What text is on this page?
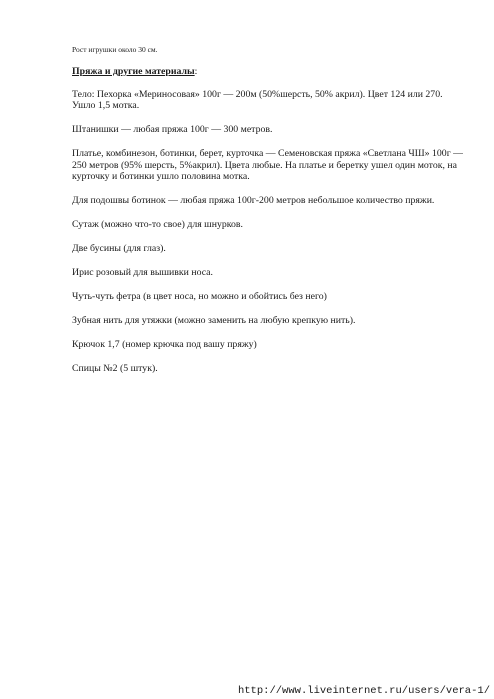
Рост игрушки около 30 см.

Пряжа и другие материалы:

Тело: Пехорка «Мериносовая» 100г — 200м (50%шерсть, 50% акрил). Цвет 124 или 270. Ушло 1,5 мотка.

Штанишки — любая пряжа 100г — 300 метров.

Платье, комбинезон, ботинки, берет, курточка — Семеновская пряжа «Светлана ЧШ» 100г — 250 метров (95% шерсть, 5%акрил). Цвета любые. На платье и беретку ушел один моток, на курточку и ботинки ушло половина мотка.

Для подошвы ботинок — любая пряжа 100г-200 метров небольшое количество пряжи.

Сутаж (можно что-то свое) для шнурков.

Две бусины (для глаз).

Ирис розовый для вышивки носа.

Чуть-чуть фетра (в цвет носа, но можно и обойтись без него)

Зубная нить для утяжки (можно заменить на любую крепкую нить).

Крючок 1,7 (номер крючка под вашу пряжу)

Спицы №2 (5 штук).

http://www.liveinternet.ru/users/vera-1/
